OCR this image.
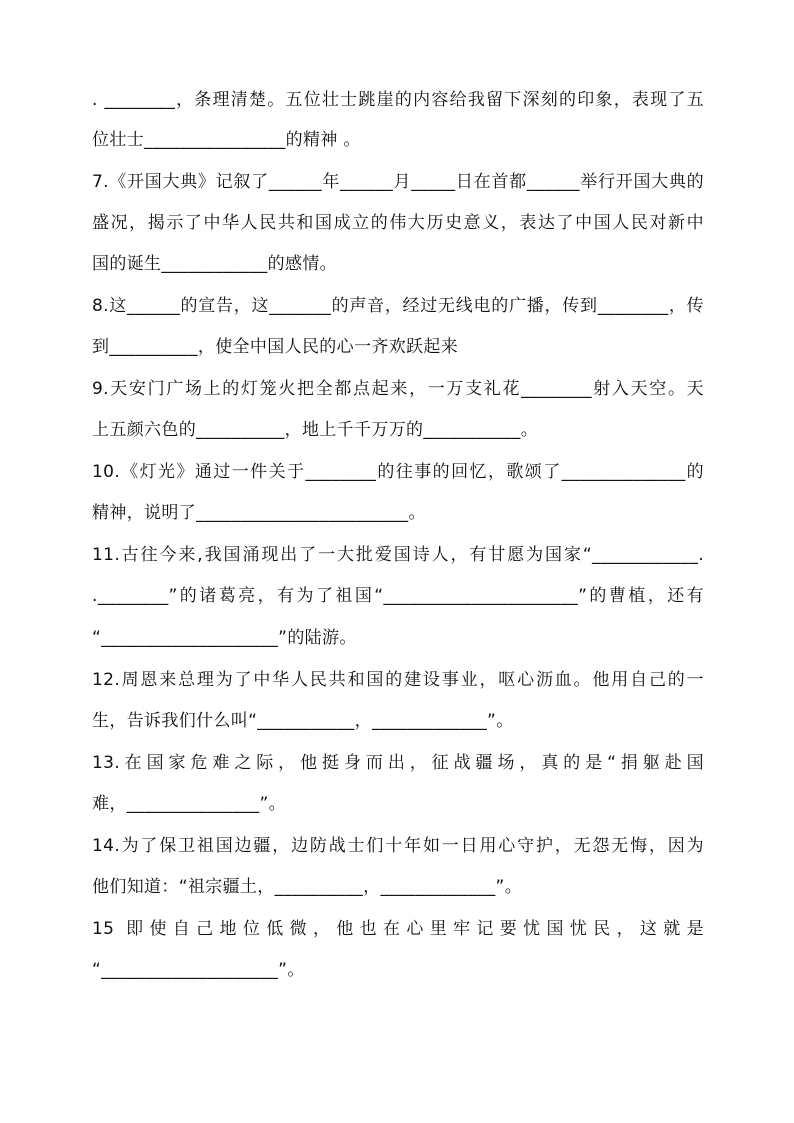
. ________，条理清楚。五位壮士跳崖的内容给我留下深刻的印象，表现了五
位壮士________________的精神 。
7.《开国大典》记叙了______年______月_____日在首都______举行开国大典的
盛况，揭示了中华人民共和国成立的伟大历史意义，表达了中国人民对新中
国的诞生____________的感情。
8.这______的宣告，这_______的声音，经过无线电的广播，传到________，传
到__________，使全中国人民的心一齐欢跃起来
9.天安门广场上的灯笼火把全都点起来，一万支礼花________射入天空。天
上五颜六色的__________，地上千千万万的___________。
10.《灯光》通过一件关于________的往事的回忆，歌颂了______________的
精神，说明了________________________。
11.古往今来,我国涌现出了一大批爱国诗人，有甘愿为国家“____________.
.________”的诸葛亮，有为了祖国“______________________”的曹植，还有
“____________________”的陆游。
12.周恩来总理为了中华人民共和国的建设事业，呕心沥血。他用自己的一
生，告诉我们什么叫“___________，_____________”。
13.在国家危难之际，他挺身而出，征战疆场，真的是“捐躯赴国
难，_______________”。
14.为了保卫祖国边疆，边防战士们十年如一日用心守护，无怨无悔，因为
他们知道：“祖宗疆土，__________，_____________”。
15 即使自己地位低微，他也在心里牢记要忧国忧民，这就是
“____________________”。
